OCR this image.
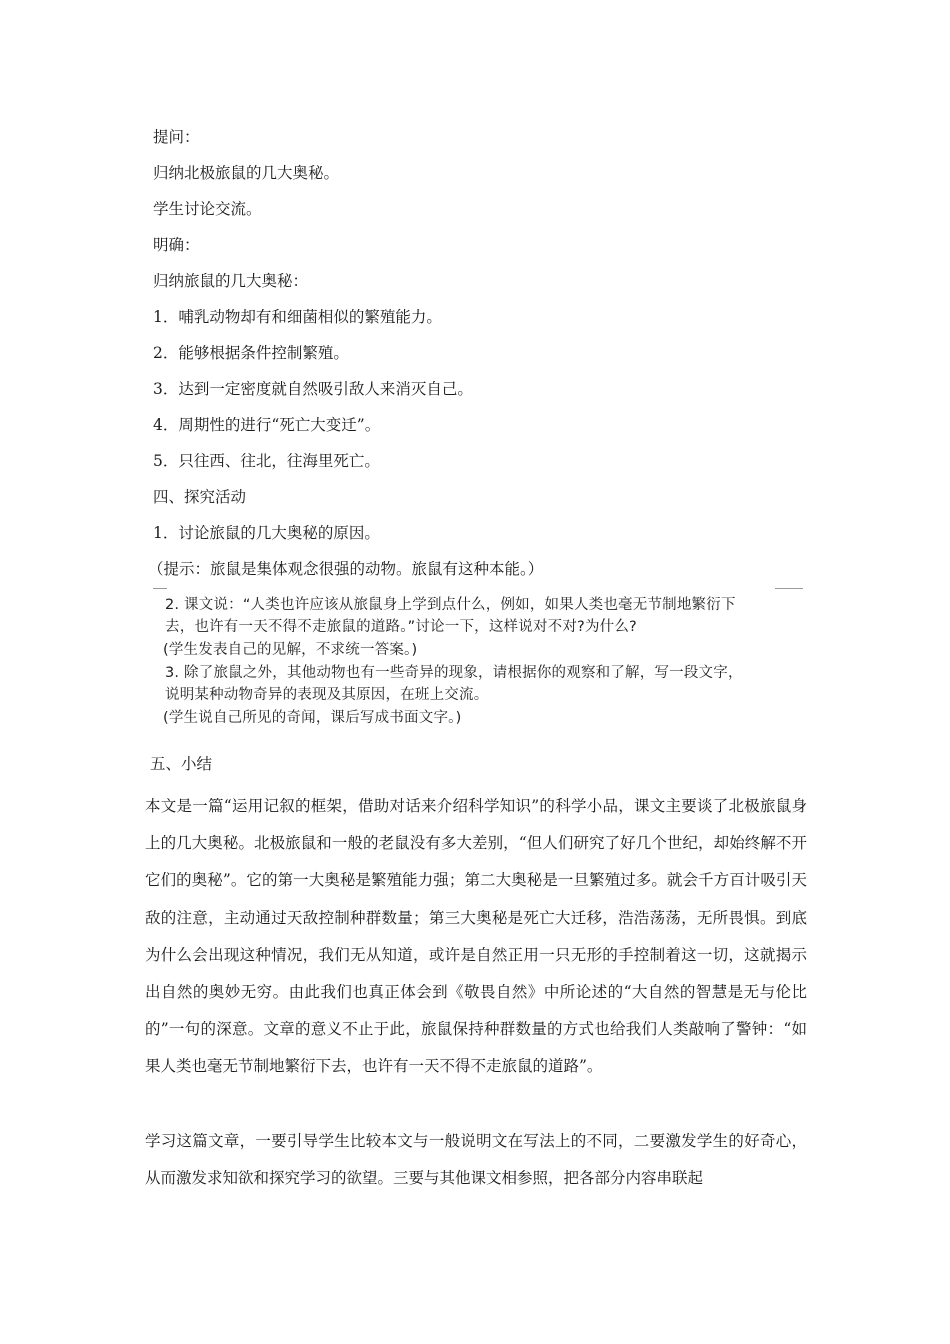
提问：
归纳北极旅鼠的几大奥秘。
学生讨论交流。
明确：
归纳旅鼠的几大奥秘：
1．哺乳动物却有和细菌相似的繁殖能力。
2．能够根据条件控制繁殖。
3．达到一定密度就自然吸引敌人来消灭自己。
4．周期性的进行“死亡大变迁”。
5．只往西、往北，往海里死亡。
四、探究活动
1．讨论旅鼠的几大奥秘的原因。
（提示：旅鼠是集体观念很强的动物。旅鼠有这种本能。）
2. 课文说：“人类也许应该从旅鼠身上学到点什么，例如，如果人类也毫无节制地繁衍下
去，也许有一天不得不走旅鼠的道路。”讨论一下，这样说对不对?为什么?
(学生发表自己的见解，不求统一答案。)
3. 除了旅鼠之外，其他动物也有一些奇异的现象，请根据你的观察和了解，写一段文字，
说明某种动物奇异的表现及其原因，在班上交流。
(学生说自己所见的奇闻，课后写成书面文字。)
五、小结
本文是一篇“运用记叙的框架，借助对话来介绍科学知识”的科学小品，课文主要谈了北极旅鼠身上的几大奥秘。北极旅鼠和一般的老鼠没有多大差别，“但人们研究了好几个世纪，却始终解不开它们的奥秘”。它的第一大奥秘是繁殖能力强；第二大奥秘是一旦繁殖过多。就会千方百计吸引天敌的注意，主动通过天敌控制种群数量；第三大奥秘是死亡大迁移，浩浩荡荡，无所畏惧。到底为什么会出现这种情况，我们无从知道，或许是自然正用一只无形的手控制着这一切，这就揭示出自然的奥妙无穷。由此我们也真正体会到《敬畏自然》中所论述的“大自然的智慧是无与伦比的”一句的深意。文章的意义不止于此，旅鼠保持种群数量的方式也给我们人类敲响了警钟：“如果人类也毫无节制地繁衍下去，也许有一天不得不走旅鼠的道路”。
学习这篇文章，一要引导学生比较本文与一般说明文在写法上的不同，二要激发学生的好奇心，从而激发求知欲和探究学习的欲望。三要与其他课文相参照，把各部分内容串联起
